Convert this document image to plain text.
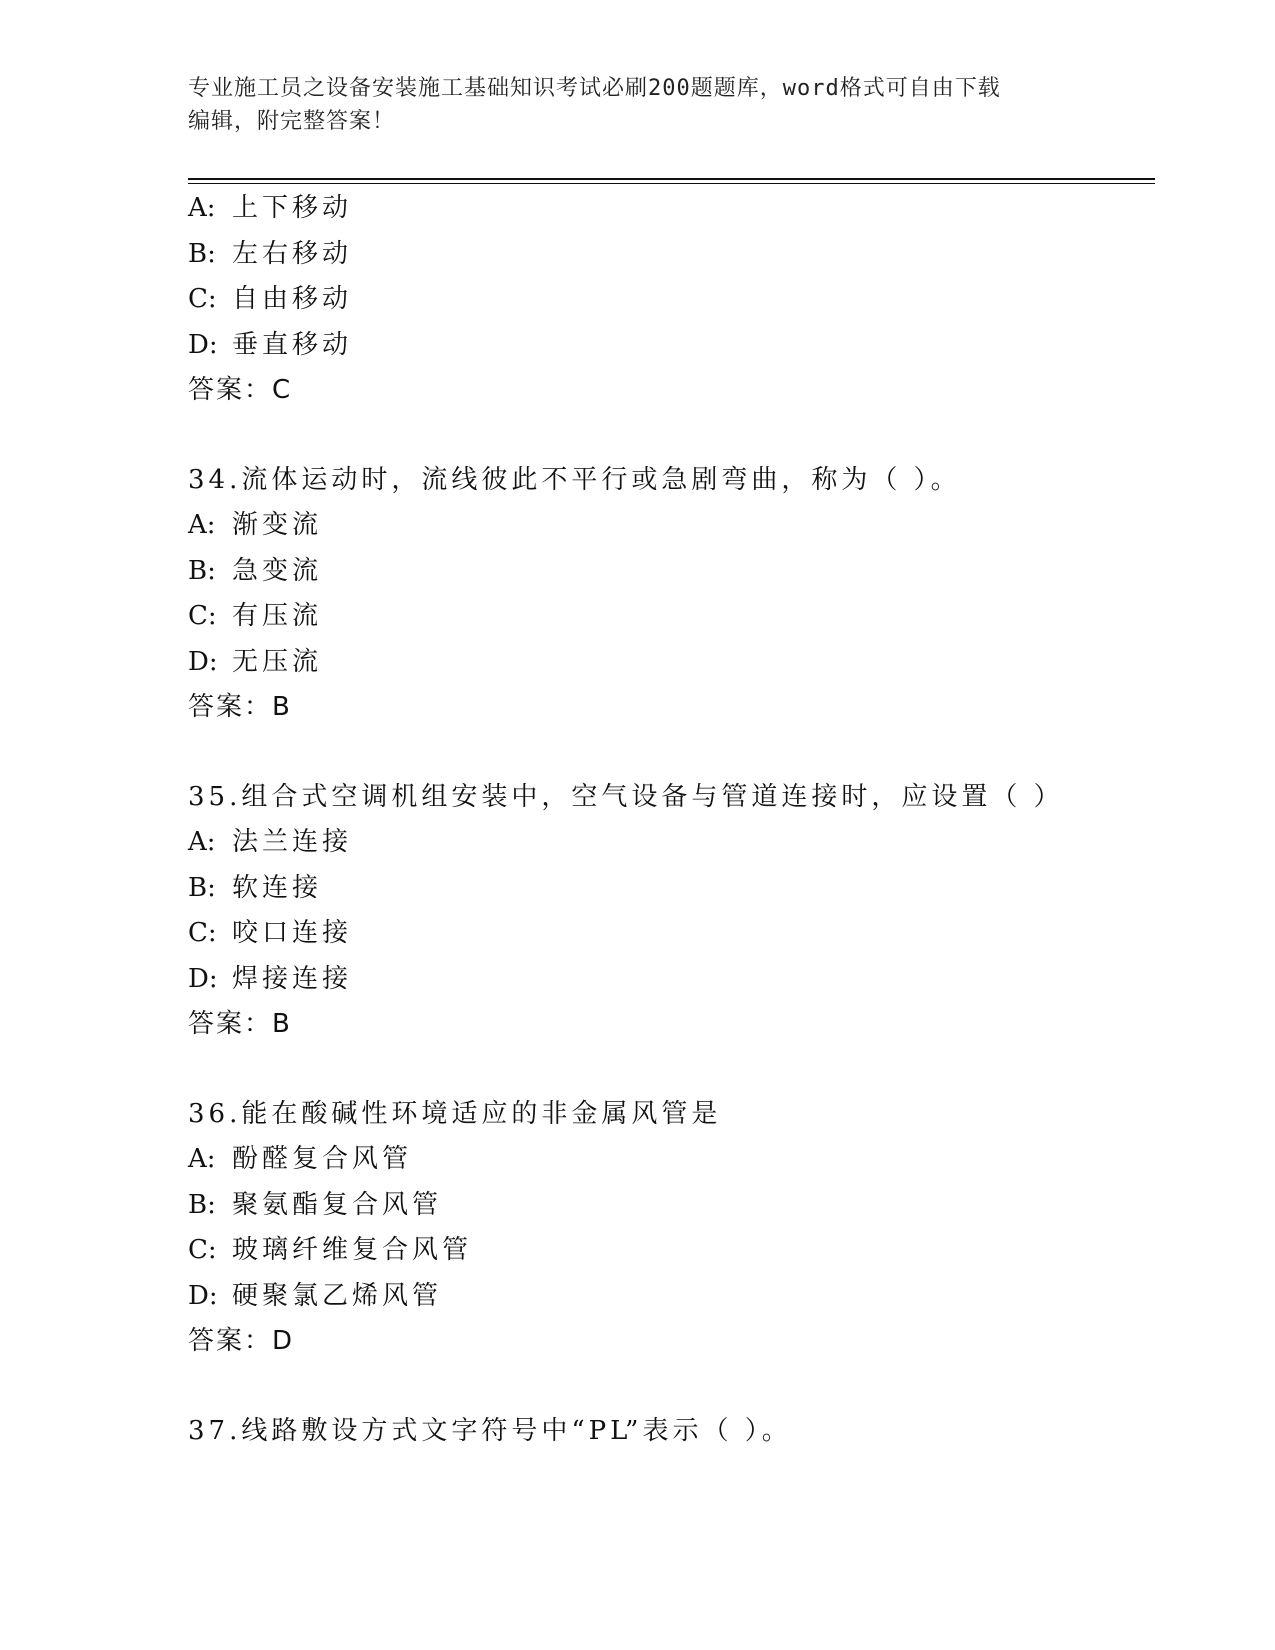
专业施工员之设备安装施工基础知识考试必刷200题题库，word格式可自由下载
编辑，附完整答案！
A: 上下移动
B: 左右移动
C: 自由移动
D: 垂直移动
答案：C
34.流体运动时，流线彼此不平行或急剧弯曲，称为（ ）。
A: 渐变流
B: 急变流
C: 有压流
D: 无压流
答案：B
35.组合式空调机组安装中，空气设备与管道连接时，应设置（ ）
A: 法兰连接
B: 软连接
C: 咬口连接
D: 焊接连接
答案：B
36.能在酸碱性环境适应的非金属风管是
A: 酚醛复合风管
B: 聚氨酯复合风管
C: 玻璃纤维复合风管
D: 硬聚氯乙烯风管
答案：D
37.线路敷设方式文字符号中“PL”表示（ ）。
